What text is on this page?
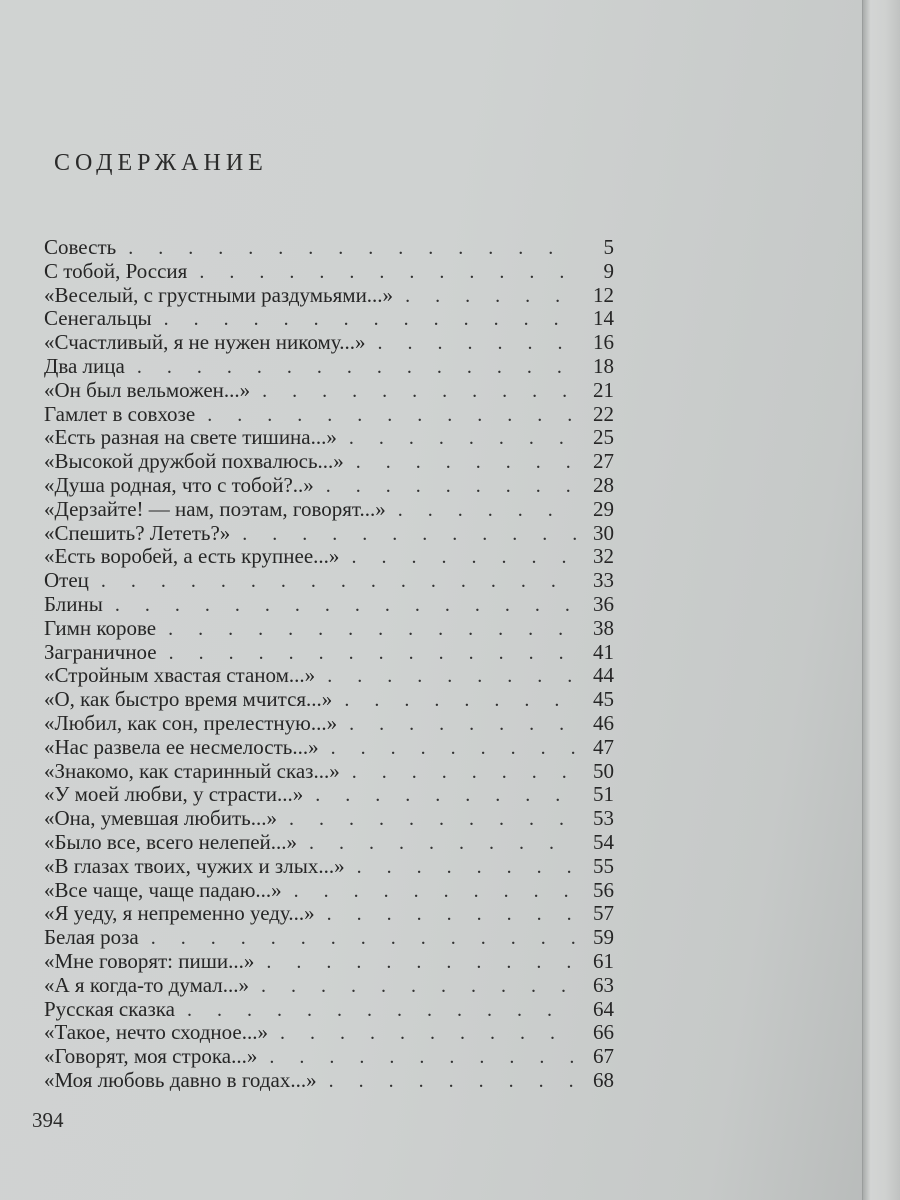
СОДЕРЖАНИЕ
Совесть . . .	5
С тобой, Россия . . .	9
«Веселый, с грустными раздумьями...» . . .	12
Сенегальцы . . .	14
«Счастливый, я не нужен никому...» . . .	16
Два лица . . .	18
«Он был вельможен...» . . .	21
Гамлет в совхозе . . .	22
«Есть разная на свете тишина...» . . .	25
«Высокой дружбой похвалюсь...» . . .	27
«Душа родная, что с тобой?..» . . .	28
«Дерзайте! — нам, поэтам, говорят...» . . .	29
«Спешить? Лететь?» . . .	30
«Есть воробей, а есть крупнее...» . . .	32
Отец . . .	33
Блины . . .	36
Гимн корове . . .	38
Заграничное . . .	41
«Стройным хвастая станом...» . . .	44
«О, как быстро время мчится...» . . .	45
«Любил, как сон, прелестную...» . . .	46
«Нас развела ее несмелость...» . . .	47
«Знакомо, как старинный сказ...» . . .	50
«У моей любви, у страсти...» . . .	51
«Она, умевшая любить...» . . .	53
«Было все, всего нелепей...» . . .	54
«В глазах твоих, чужих и злых...» . . .	55
«Все чаще, чаще падаю...» . . .	56
«Я уеду, я непременно уеду...» . . .	57
Белая роза . . .	59
«Мне говорят: пиши...» . . .	61
«А я когда-то думал...» . . .	63
Русская сказка . . .	64
«Такое, нечто сходное...» . . .	66
«Говорят, моя строка...» . . .	67
«Моя любовь давно в годах...» . . .	68
394
